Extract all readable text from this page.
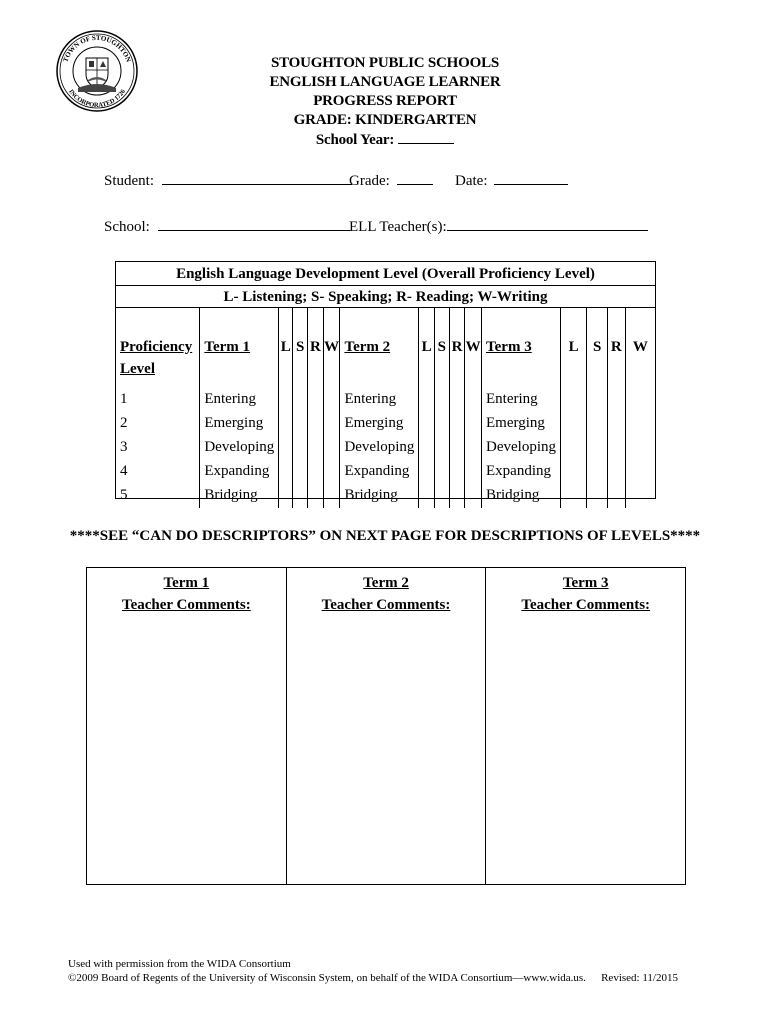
TOWN OF STOUGHTON
INCORPORATED 1726
STOUGHTON PUBLIC SCHOOLS
ENGLISH LANGUAGE LEARNER PROGRESS REPORT
GRADE: KINDERGARTEN
School Year:
Student:	Grade:	Date:
School:	ELL Teacher(s):
English Language Development Level (Overall Proficiency Level)
L- Listening; S- Speaking; R- Reading; W-Writing
Proficiency Level	Term 1	L	S	R	W	Term 2	L	S	R	W	Term 3	L	S	R	W
1	Entering					Entering					Entering				
2	Emerging					Emerging					Emerging				
3	Developing					Developing					Developing				
4	Expanding					Expanding					Expanding				
5	Bridging					Bridging					Bridging				
****SEE “CAN DO DESCRIPTORS” ON NEXT PAGE FOR DESCRIPTIONS OF LEVELS****
Term 1
Teacher Comments:
Term 2
Teacher Comments:
Term 3
Teacher Comments:
Used with permission from the WIDA Consortium
©2009 Board of Regents of the University of Wisconsin System, on behalf of the WIDA Consortium—www.wida.us. Revised: 11/2015
